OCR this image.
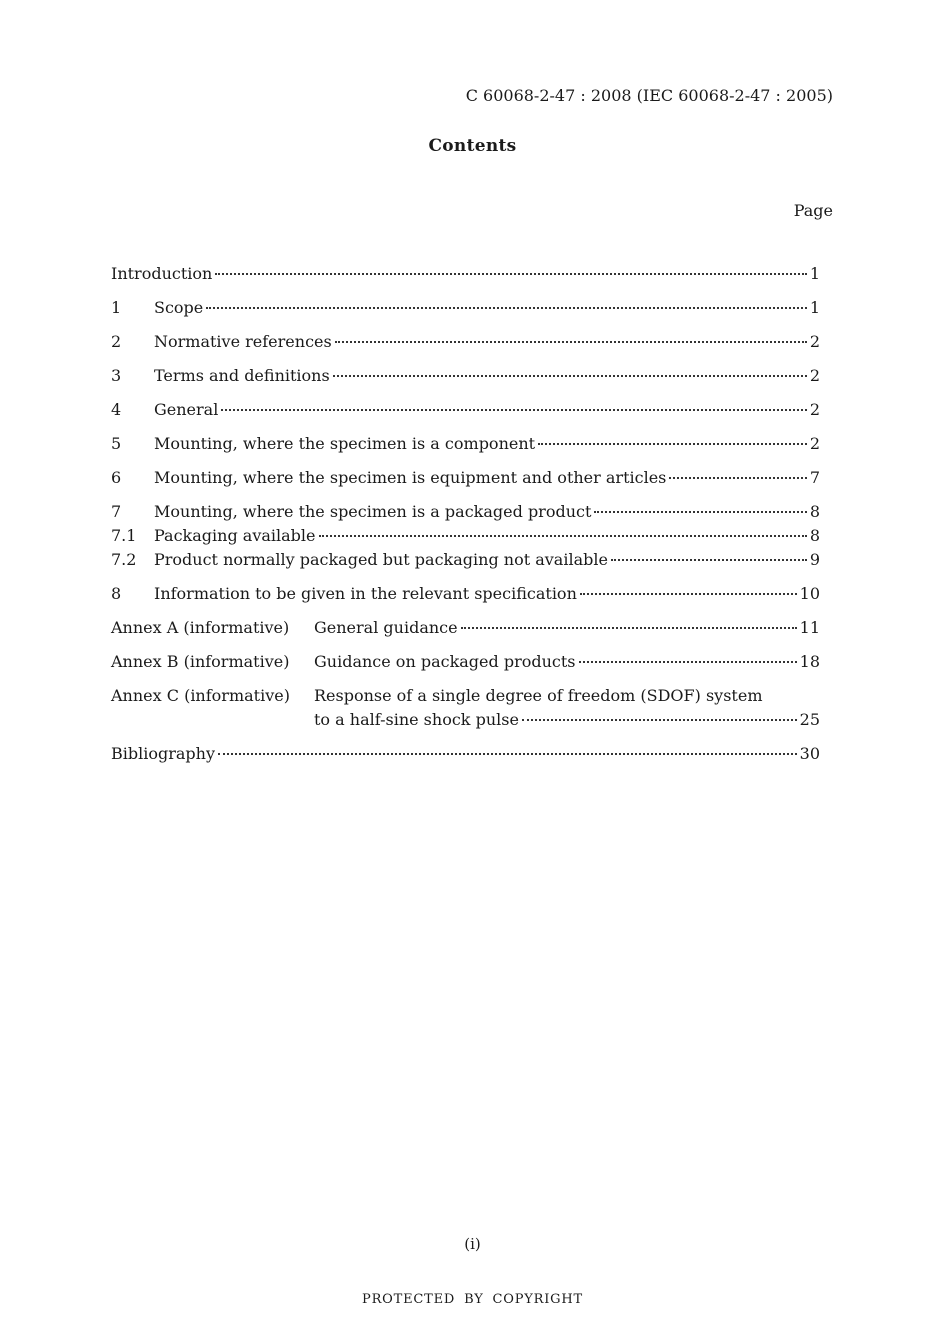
C 60068-2-47 : 2008 (IEC 60068-2-47 : 2005)
Contents
Page
Introduction	1
1	Scope	1
2	Normative references	2
3	Terms and definitions	2
4	General	2
5	Mounting, where the specimen is a component	2
6	Mounting, where the specimen is equipment and other articles	7
7	Mounting, where the specimen is a packaged product	8
7.1	Packaging available	8
7.2	Product normally packaged but packaging not available	9
8	Information to be given in the relevant specification	10
Annex A (informative)	General guidance	11
Annex B (informative)	Guidance on packaged products	18
Annex C (informative)	Response of a single degree of freedom (SDOF) system
to a half-sine shock pulse	25
Bibliography	30
(i)
PROTECTED BY COPYRIGHT
